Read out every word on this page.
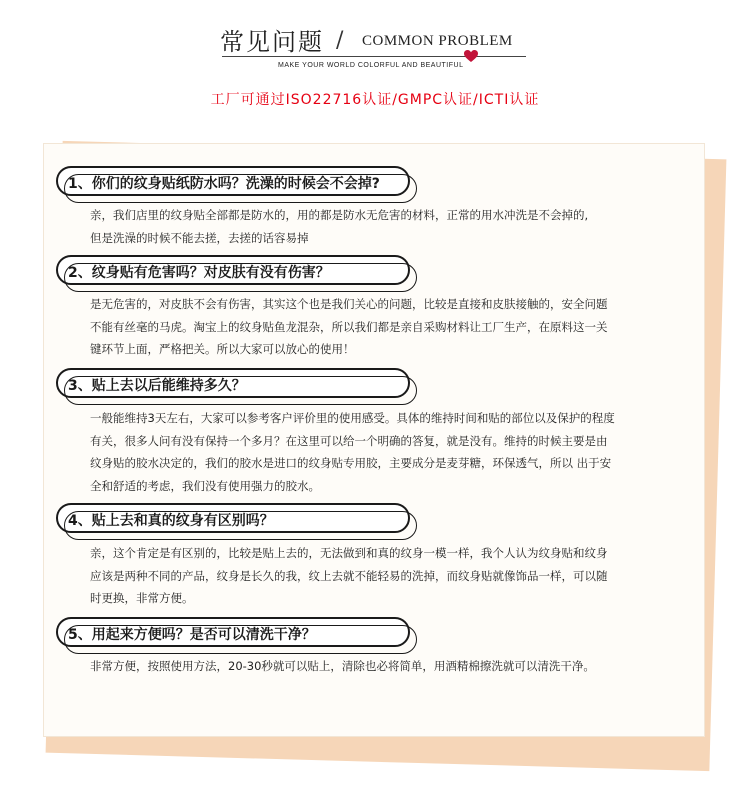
常见问题 / COMMON PROBLEM
MAKE YOUR WORLD COLORFUL AND BEAUTIFUL
工厂可通过ISO22716认证/GMPC认证/ICTI认证
1、你们的纹身贴纸防水吗？洗澡的时候会不会掉?
亲，我们店里的纹身贴全部都是防水的，用的都是防水无危害的材料，正常的用水冲洗是不会掉的,
但是洗澡的时候不能去搓，去搓的话容易掉
2、纹身贴有危害吗？对皮肤有没有伤害？
是无危害的，对皮肤不会有伤害，其实这个也是我们关心的问题，比较是直接和皮肤接触的，安全问题
不能有丝毫的马虎。淘宝上的纹身贴鱼龙混杂，所以我们都是亲自采购材料让工厂生产，在原料这一关
键环节上面，严格把关。所以大家可以放心的使用！
3、贴上去以后能维持多久？
一般能维持3天左右，大家可以参考客户评价里的使用感受。具体的维持时间和贴的部位以及保护的程度
有关，很多人问有没有保持一个多月？在这里可以给一个明确的答复，就是没有。维持的时候主要是由
纹身贴的胶水决定的，我们的胶水是进口的纹身贴专用胶，主要成分是麦芽糖，环保透气，所以 出于安
全和舒适的考虑，我们没有使用强力的胶水。
4、贴上去和真的纹身有区别吗？
亲，这个肯定是有区别的，比较是贴上去的，无法做到和真的纹身一模一样，我个人认为纹身贴和纹身
应该是两种不同的产品，纹身是长久的我，纹上去就不能轻易的洗掉，而纹身贴就像饰品一样，可以随
时更换，非常方便。
5、用起来方便吗？是否可以清洗干净？
非常方便，按照使用方法，20-30秒就可以贴上，清除也必将简单，用酒精棉擦洗就可以清洗干净。
